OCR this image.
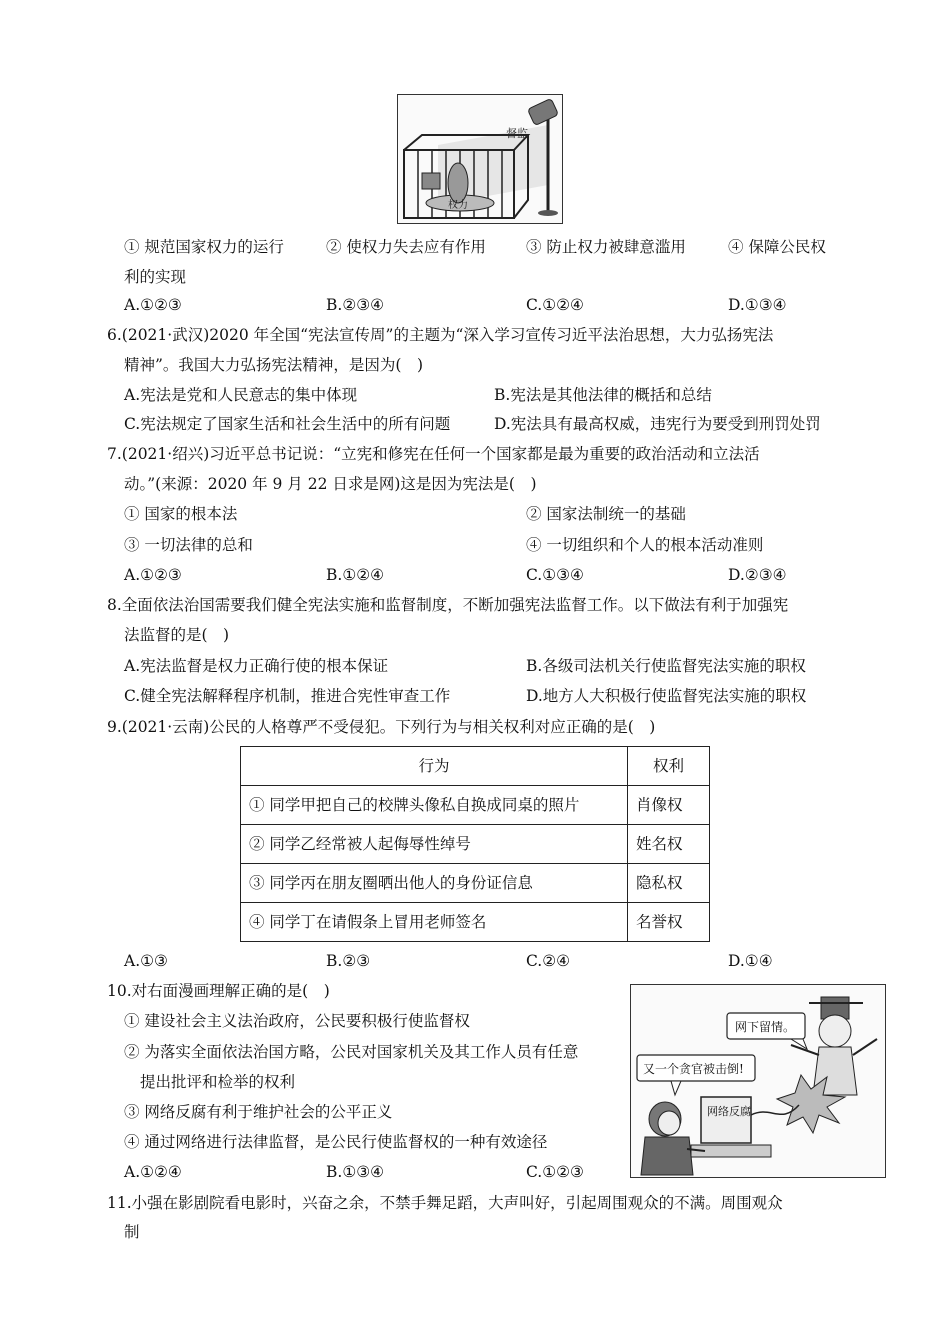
权力
督监
① 规范国家权力的运行	② 使权力失去应有作用	③ 防止权力被肆意滥用	④ 保障公民权
利的实现
A.①②③	B.②③④	C.①②④	D.①③④
6.(2021·武汉)2020 年全国“宪法宣传周”的主题为“深入学习宣传习近平法治思想，大力弘扬宪法
精神”。我国大力弘扬宪法精神，是因为(　)
A.宪法是党和人民意志的集中体现	B.宪法是其他法律的概括和总结
C.宪法规定了国家生活和社会生活中的所有问题	D.宪法具有最高权威，违宪行为要受到刑罚处罚
7.(2021·绍兴)习近平总书记说：“立宪和修宪在任何一个国家都是最为重要的政治活动和立法活
动。”(来源：2020 年 9 月 22 日求是网)这是因为宪法是(　)
① 国家的根本法	② 国家法制统一的基础
③ 一切法律的总和	④ 一切组织和个人的根本活动准则
A.①②③	B.①②④	C.①③④	D.②③④
8.全面依法治国需要我们健全宪法实施和监督制度，不断加强宪法监督工作。以下做法有利于加强宪
法监督的是(　)
A.宪法监督是权力正确行使的根本保证	B.各级司法机关行使监督宪法实施的职权
C.健全宪法解释程序机制，推进合宪性审查工作	D.地方人大积极行使监督宪法实施的职权
9.(2021·云南)公民的人格尊严不受侵犯。下列行为与相关权利对应正确的是(　)
行为	权利
① 同学甲把自己的校牌头像私自换成同桌的照片	肖像权
② 同学乙经常被人起侮辱性绰号	姓名权
③ 同学丙在朋友圈晒出他人的身份证信息	隐私权
④ 同学丁在请假条上冒用老师签名	名誉权
A.①③	B.②③	C.②④	D.①④
10.对右面漫画理解正确的是(　)
① 建设社会主义法治政府，公民要积极行使监督权
② 为落实全面依法治国方略，公民对国家机关及其工作人员有任意
提出批评和检举的权利
③ 网络反腐有利于维护社会的公平正义
④ 通过网络进行法律监督，是公民行使监督权的一种有效途径
A.①②④	B.①③④	C.①②③
网下留情。
又一个贪官被击倒!
网络反腐
11.小强在影剧院看电影时，兴奋之余，不禁手舞足蹈，大声叫好，引起周围观众的不满。周围观众
制
